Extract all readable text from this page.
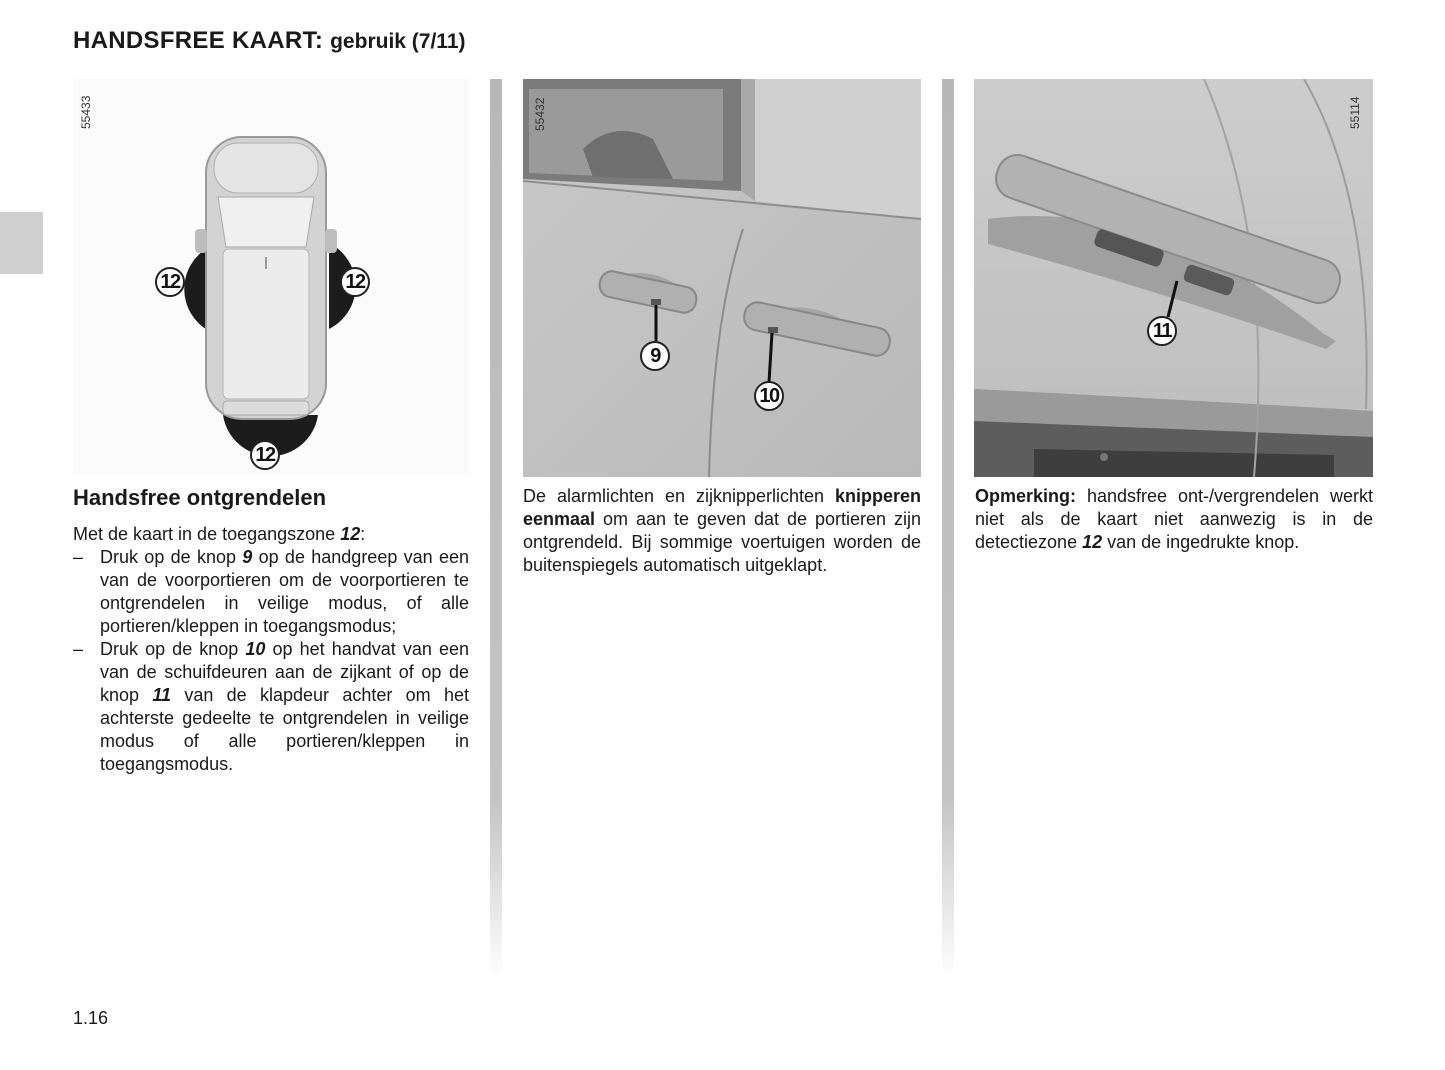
HANDSFREE KAART: gebruik (7/11)
55433
12	12
12
55432
9
10
55114
11
Handsfree ontgrendelen

Met de kaart in de toegangszone 12:

– Druk op de knop 9 op de handgreep van een van de voorportieren om de voorportieren te ontgrendelen in veilige modus, of alle portieren/kleppen in toegangsmodus;

– Druk op de knop 10 op het handvat van een van de schuifdeuren aan de zijkant of op de knop 11 van de klapdeur achter om het achterste gedeelte te ontgrendelen in veilige modus of alle portieren/kleppen in toegangsmodus.

De alarmlichten en zijknipperlichten knipperen eenmaal om aan te geven dat de portieren zijn ontgrendeld. Bij sommige voertuigen worden de buitenspiegels automatisch uitgeklapt.

Opmerking: handsfree ont-/vergrendelen werkt niet als de kaart niet aanwezig is in de detectiezone 12 van de ingedrukte knop.

1.16
